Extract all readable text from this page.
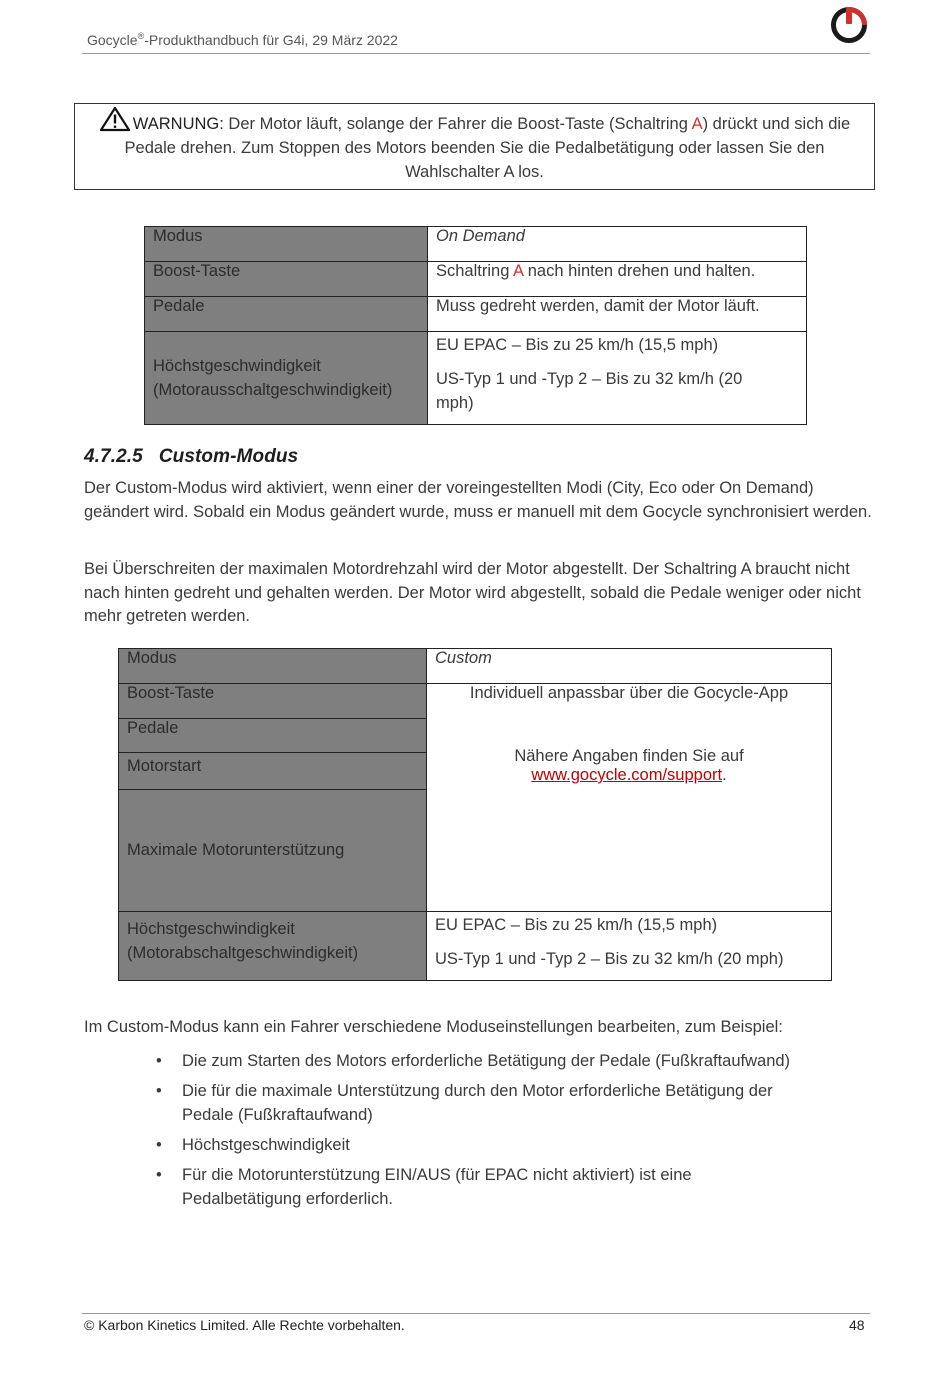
Gocycle®-Produkthandbuch für G4i, 29 März 2022
WARNUNG: Der Motor läuft, solange der Fahrer die Boost-Taste (Schaltring A) drückt und sich die Pedale drehen. Zum Stoppen des Motors beenden Sie die Pedalbetätigung oder lassen Sie den Wahlschalter A los.
Modus	On Demand
Boost-Taste	Schaltring A nach hinten drehen und halten.
Pedale	Muss gedreht werden, damit der Motor läuft.
Höchstgeschwindigkeit (Motorausschaltgeschwindigkeit)	EU EPAC – Bis zu 25 km/h (15,5 mph)
US-Typ 1 und -Typ 2 – Bis zu 32 km/h (20 mph)
4.7.2.5 Custom-Modus
Der Custom-Modus wird aktiviert, wenn einer der voreingestellten Modi (City, Eco oder On Demand) geändert wird. Sobald ein Modus geändert wurde, muss er manuell mit dem Gocycle synchronisiert werden.
Bei Überschreiten der maximalen Motordrehzahl wird der Motor abgestellt. Der Schaltring A braucht nicht nach hinten gedreht und gehalten werden. Der Motor wird abgestellt, sobald die Pedale weniger oder nicht mehr getreten werden.
Modus	Custom
Boost-Taste	Individuell anpassbar über die Gocycle-App
Nähere Angaben finden Sie auf
www.gocycle.com/support.

Pedale	
Motorstart	
Maximale Motorunterstützung	
Höchstgeschwindigkeit (Motorabschaltgeschwindigkeit)	EU EPAC – Bis zu 25 km/h (15,5 mph)
US-Typ 1 und -Typ 2 – Bis zu 32 km/h (20 mph)
Im Custom-Modus kann ein Fahrer verschiedene Moduseinstellungen bearbeiten, zum Beispiel:
• Die zum Starten des Motors erforderliche Betätigung der Pedale (Fußkraftaufwand)
• Die für die maximale Unterstützung durch den Motor erforderliche Betätigung der Pedale (Fußkraftaufwand)
• Höchstgeschwindigkeit
• Für die Motorunterstützung EIN/AUS (für EPAC nicht aktiviert) ist eine Pedalbetätigung erforderlich.
© Karbon Kinetics Limited. Alle Rechte vorbehalten.	48
